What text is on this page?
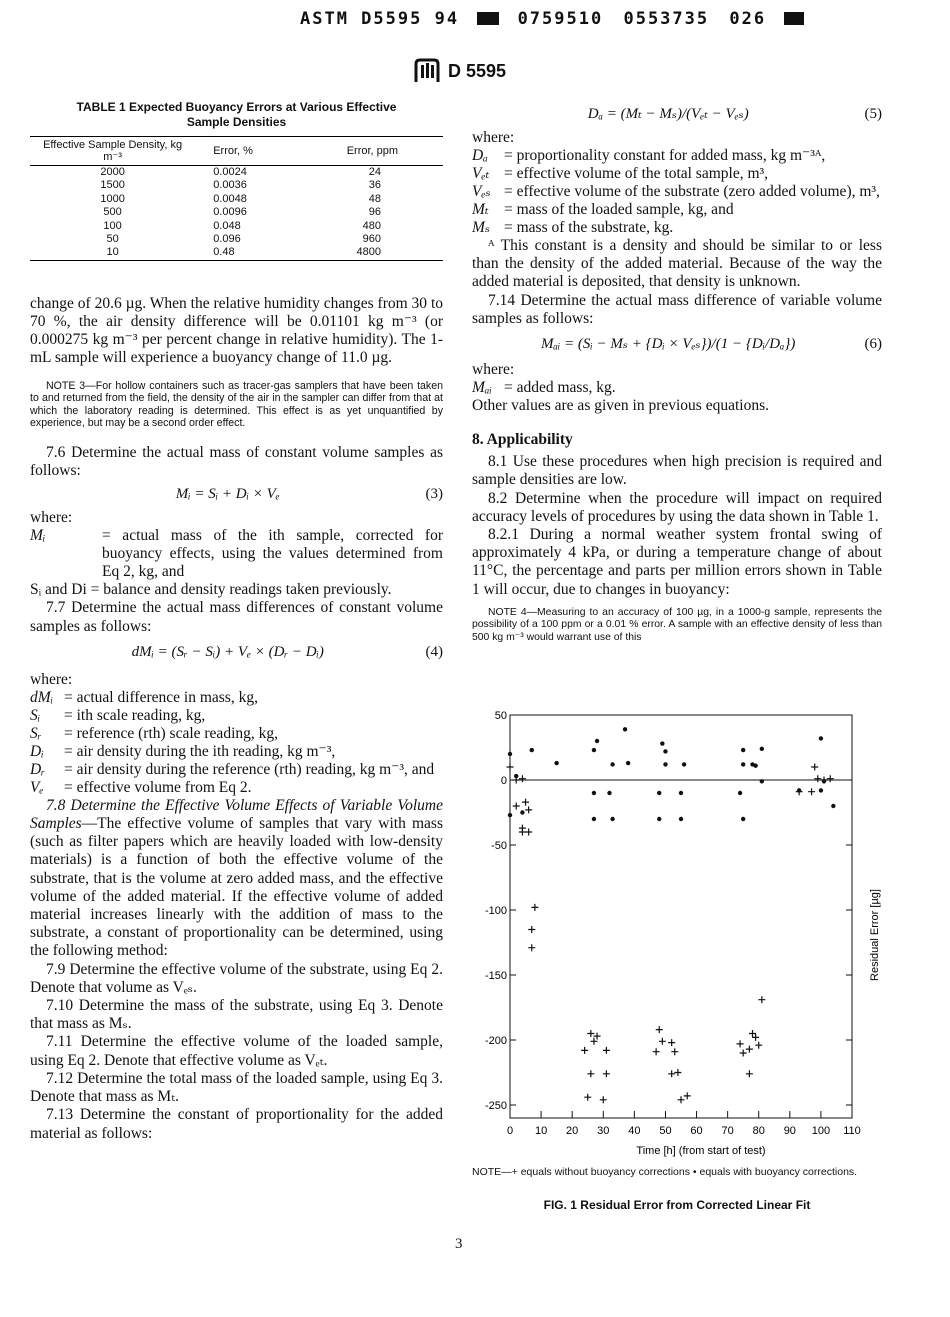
ASTM D5595 94	0759510 0553735 026
D 5595
TABLE 1 Expected Buoyancy Errors at Various Effective Sample Densities
Effective Sample Density, kg m⁻³	Error, %	Error, ppm
2000	0.0024	24
1500	0.0036	36
1000	0.0048	48
500	0.0096	96
100	0.048	480
50	0.096	960
10	0.48	4800

change of 20.6 µg. When the relative humidity changes from 30 to 70 %, the air density difference will be 0.01101 kg m⁻³ (or 0.000275 kg m⁻³ per percent change in relative humidity). The 1-mL sample will experience a buoyancy change of 11.0 µg.

NOTE 3—For hollow containers such as tracer-gas samplers that have been taken to and returned from the field, the density of the air in the sampler can differ from that at which the laboratory reading is determined. This effect is as yet unquantified by experience, but may be a second order effect.

7.6 Determine the actual mass of constant volume samples as follows:

Mᵢ = Sᵢ + Dᵢ × Vₑ	(3)

where:

Mᵢ	= actual mass of the ith sample, corrected for buoyancy effects, using the values determined from Eq 2, kg, and

Sᵢ and Di = balance and density readings taken previously.

7.7 Determine the actual mass differences of constant volume samples as follows:

dMᵢ = (Sᵣ − Sᵢ) + Vₑ × (Dᵣ − Dᵢ)	(4)

where:

dMᵢ = actual difference in mass, kg,
Sᵢ	= ith scale reading, kg,
Sᵣ	= reference (rth) scale reading, kg,
Dᵢ	= air density during the ith reading, kg m⁻³,
Dᵣ	= air density during the reference (rth) reading, kg m⁻³, and
Vₑ	= effective volume from Eq 2.

7.8 Determine the Effective Volume Effects of Variable Volume Samples—The effective volume of samples that vary with mass (such as filter papers which are heavily loaded with low-density materials) is a function of both the effective volume of the substrate, that is the volume at zero added mass, and the effective volume of the added material. If the effective volume of added material increases linearly with the addition of mass to the substrate, a constant of proportionality can be determined, using the following method:

7.9 Determine the effective volume of the substrate, using Eq 2. Denote that volume as Vₑₛ.

7.10 Determine the mass of the substrate, using Eq 3. Denote that mass as Mₛ.

7.11 Determine the effective volume of the loaded sample, using Eq 2. Denote that effective volume as Vₑₜ.

7.12 Determine the total mass of the loaded sample, using Eq 3. Denote that mass as Mₜ.

7.13 Determine the constant of proportionality for the added material as follows:

Dₐ = (Mₜ − Mₛ)/(Vₑₜ − Vₑₛ)	(5)

where:

Dₐ	= proportionality constant for added mass, kg m⁻³ᴬ,
Vₑₜ = effective volume of the total sample, m³,
Vₑₛ = effective volume of the substrate (zero added volume), m³,
Mₜ = mass of the loaded sample, kg, and
Mₛ = mass of the substrate, kg.

ᴬ This constant is a density and should be similar to or less than the density of the added material. Because of the way the added material is deposited, that density is unknown.

7.14 Determine the actual mass difference of variable volume samples as follows:

Mₐᵢ = (Sᵢ − Mₛ + {Dᵢ × Vₑₛ})/(1 − {Dᵢ/Dₐ})	(6)

where:

Mₐᵢ = added mass, kg.

Other values are as given in previous equations.

8. Applicability

8.1 Use these procedures when high precision is required and sample densities are low.

8.2 Determine when the procedure will impact on required accuracy levels of procedures by using the data shown in Table 1.

8.2.1 During a normal weather system frontal swing of approximately 4 kPa, or during a temperature change of about 11°C, the percentage and parts per million errors shown in Table 1 will occur, due to changes in buoyancy:

NOTE 4—Measuring to an accuracy of 100 µg, in a 1000-g sample, represents the possibility of a 100 ppm or a 0.01 % error. A sample with an effective density of less than 500 kg m⁻³ would warrant use of this

50
0
-50
-100
-150
-200
-250
0 10 20 30 40 50 60 70 80 90 100 110
Time [h] (from start of test)
Residual Error [µg]
NOTE—+ equals without buoyancy corrections • equals with buoyancy corrections.
FIG. 1 Residual Error from Corrected Linear Fit
3
